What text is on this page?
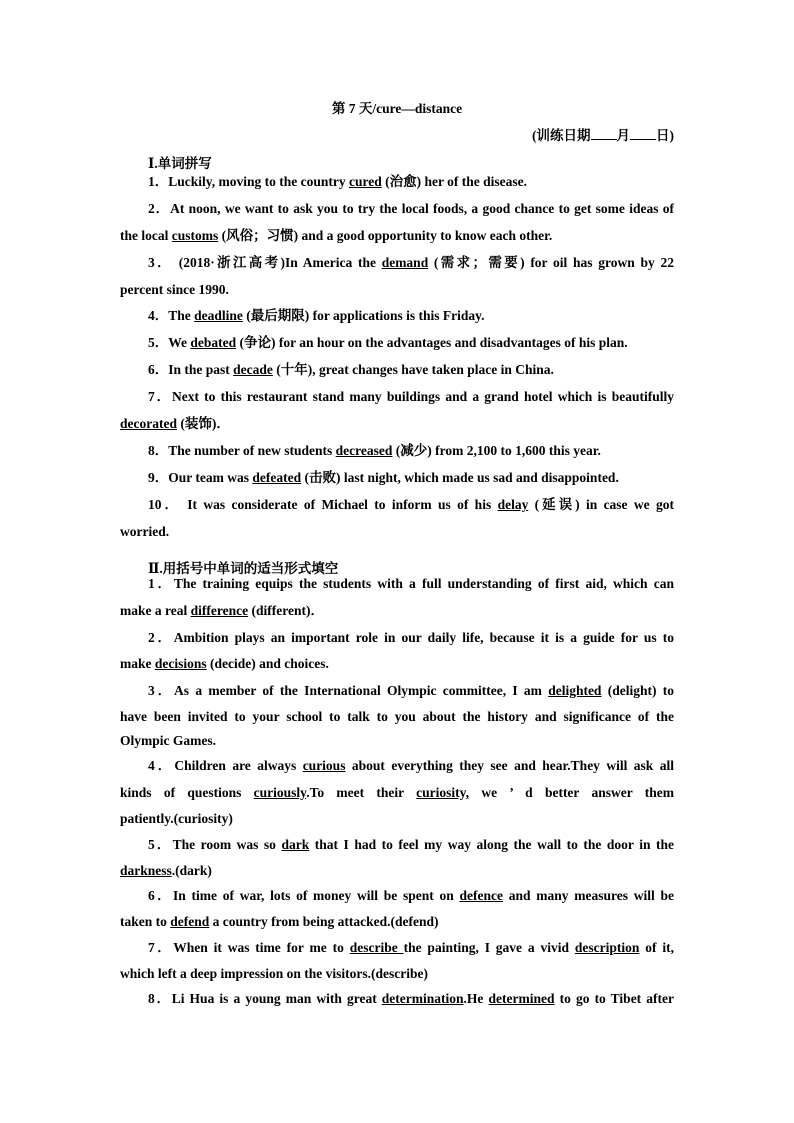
第 7 天/cure—distance
(训练日期 月 日)
Ⅰ.单词拼写
Ⅱ.用括号中单词的适当形式填空
1．Luckily, moving to the country cured (治愈) her of the disease.
2．At noon, we want to ask you to try the local foods, a good chance to get some ideas of
the local customs (风俗；习惯) and a good opportunity to know each other.
3． (2018·浙江高考)In America the demand (需求；需要) for oil has grown by 22
percent since 1990.
4．The deadline (最后期限) for applications is this Friday.
5．We debated (争论) for an hour on the advantages and disadvantages of his plan.
6．In the past decade (十年), great changes have taken place in China.
7．Next to this restaurant stand many buildings and a grand hotel which is beautifully
decorated (装饰)．
8．The number of new students decreased (减少) from 2,100 to 1,600 this year.
9．Our team was defeated (击败) last night, which made us sad and disappointed.
10． It was considerate of Michael to inform us of his delay (延误) in case we got
worried.
1．The training equips the students with a full understanding of first aid, which can
make a real difference (different)．
2．Ambition plays an important role in our daily life, because it is a guide for us to
make decisions (decide) and choices.
3．As a member of the International Olympic committee, I am delighted (delight) to
have been invited to your school to talk to you about the history and significance of the
Olympic Games.
4．Children are always curious about everything they see and hear.They will ask all
kinds of questions curiously.To meet their curiosity, we ’ d better answer them
patiently.(curiosity)
5．The room was so dark that I had to feel my way along the wall to the door in the
darkness.(dark)
6．In time of war, lots of money will be spent on defence and many measures will be
taken to defend a country from being attacked.(defend)
7．When it was time for me to describe the painting, I gave a vivid description of it,
which left a deep impression on the visitors.(describe)
8．Li Hua is a young man with great determination.He determined to go to Tibet after
